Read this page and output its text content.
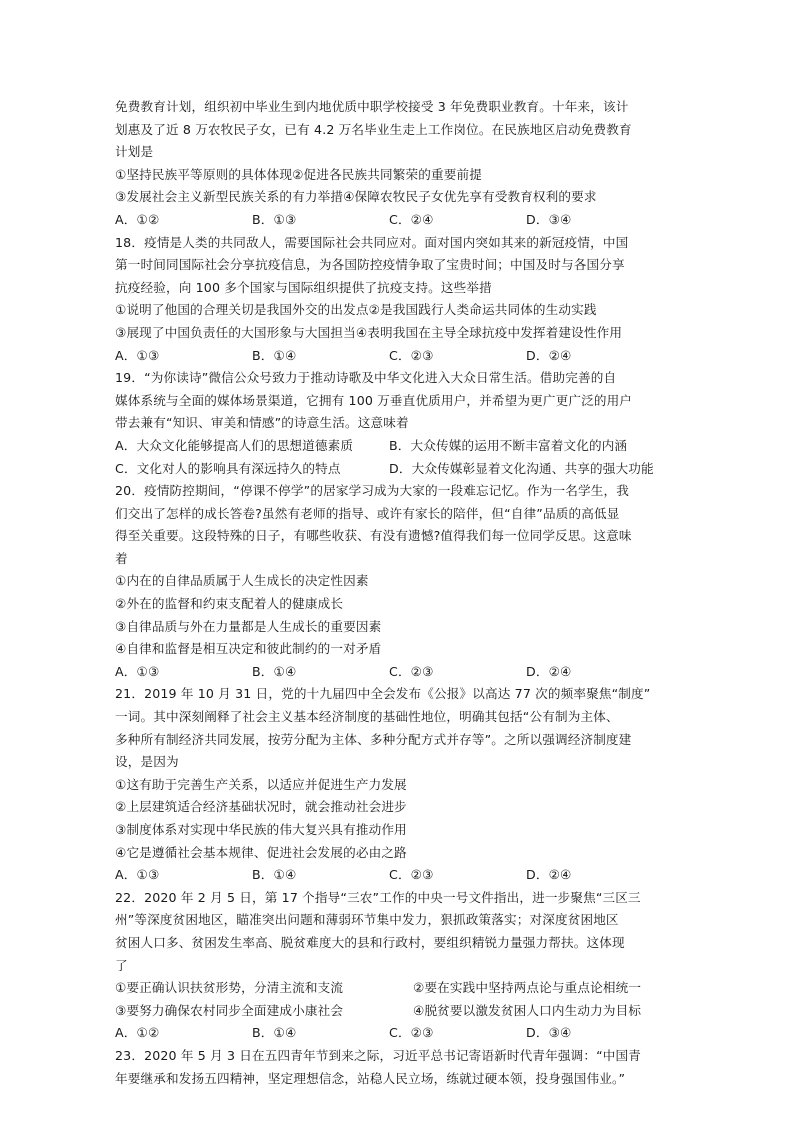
免费教育计划，组织初中毕业生到内地优质中职学校接受 3 年免费职业教育。十年来，该计
划惠及了近 8 万农牧民子女，已有 4.2 万名毕业生走上工作岗位。在民族地区启动免费教育
计划是
①坚持民族平等原则的具体体现②促进各民族共同繁荣的重要前提
③发展社会主义新型民族关系的有力举措④保障农牧民子女优先享有受教育权利的要求
A．①②	B．①③	C．②④	D．③④
18．疫情是人类的共同敌人，需要国际社会共同应对。面对国内突如其来的新冠疫情，中国
第一时间同国际社会分享抗疫信息，为各国防控疫情争取了宝贵时间；中国及时与各国分享
抗疫经验，向 100 多个国家与国际组织提供了抗疫支持。这些举措
①说明了他国的合理关切是我国外交的出发点②是我国践行人类命运共同体的生动实践
③展现了中国负责任的大国形象与大国担当④表明我国在主导全球抗疫中发挥着建设性作用
A．①③	B．①④	C．②③	D．②④
19．“为你读诗”微信公众号致力于推动诗歌及中华文化进入大众日常生活。借助完善的自
媒体系统与全面的媒体场景渠道，它拥有 100 万垂直优质用户，并希望为更广更广泛的用户
带去兼有“知识、审美和情感”的诗意生活。这意味着
A．大众文化能够提高人们的思想道德素质	B．大众传媒的运用不断丰富着文化的内涵
C．文化对人的影响具有深远持久的特点	D．大众传媒彰显着文化沟通、共享的强大功能
20．疫情防控期间，“停课不停学”的居家学习成为大家的一段难忘记忆。作为一名学生，我
们交出了怎样的成长答卷?虽然有老师的指导、或许有家长的陪伴，但“自律”品质的高低显
得至关重要。这段特殊的日子，有哪些收获、有没有遗憾?值得我们每一位同学反思。这意味
着
①内在的自律品质属于人生成长的决定性因素
②外在的监督和约束支配着人的健康成长
③自律品质与外在力量都是人生成长的重要因素
④自律和监督是相互决定和彼此制约的一对矛盾
A．①③	B．①④	C．②③	D．②④
21．2019 年 10 月 31 日，党的十九届四中全会发布《公报》以高达 77 次的频率聚焦“制度”
一词。其中深刻阐释了社会主义基本经济制度的基础性地位，明确其包括“公有制为主体、
多种所有制经济共同发展，按劳分配为主体、多种分配方式并存等”。之所以强调经济制度建
设，是因为
①这有助于完善生产关系，以适应并促进生产力发展
②上层建筑适合经济基础状况时，就会推动社会进步
③制度体系对实现中华民族的伟大复兴具有推动作用
④它是遵循社会基本规律、促进社会发展的必由之路
A．①③	B．①④	C．②③	D．②④
22．2020 年 2 月 5 日，第 17 个指导“三农”工作的中央一号文件指出，进一步聚焦“三区三
州”等深度贫困地区，瞄准突出问题和薄弱环节集中发力，狠抓政策落实；对深度贫困地区
贫困人口多、贫困发生率高、脱贫难度大的县和行政村，要组织精锐力量强力帮扶。这体现
了
①要正确认识扶贫形势，分清主流和支流	②要在实践中坚持两点论与重点论相统一
③要努力确保农村同步全面建成小康社会	④脱贫要以激发贫困人口内生动力为目标
A．①②	B．①④	C．②③	D．③④
23．2020 年 5 月 3 日在五四青年节到来之际，习近平总书记寄语新时代青年强调：“中国青
年要继承和发扬五四精神，坚定理想信念，站稳人民立场，练就过硬本领，投身强国伟业。”
